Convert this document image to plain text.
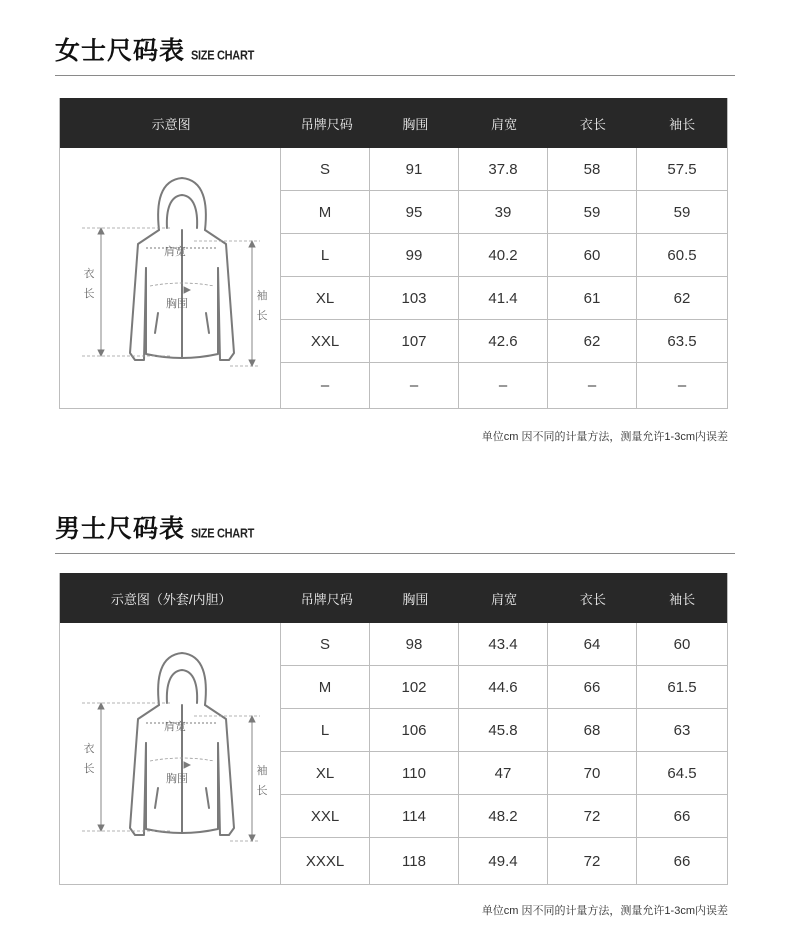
女士尺码表 SIZE CHART
示意图	吊牌尺码	胸围	肩宽	衣长	袖长
肩宽
胸围
衣
长	袖
长
S	91	37.8	58	57.5
M	95	39	59	59
L	99	40.2	60	60.5
XL	103	41.4	61	62
XXL	107	42.6	62	63.5
–	–	–	–	–
单位cm 因不同的计量方法，测量允许1-3cm内误差
男士尺码表 SIZE CHART
示意图（外套/内胆）	吊牌尺码	胸围	肩宽	衣长	袖长
肩宽
胸围
衣
长	袖
长
S	98	43.4	64	60
M	102	44.6	66	61.5
L	106	45.8	68	63
XL	110	47	70	64.5
XXL	114	48.2	72	66
XXXL	118	49.4	72	66
单位cm 因不同的计量方法，测量允许1-3cm内误差
